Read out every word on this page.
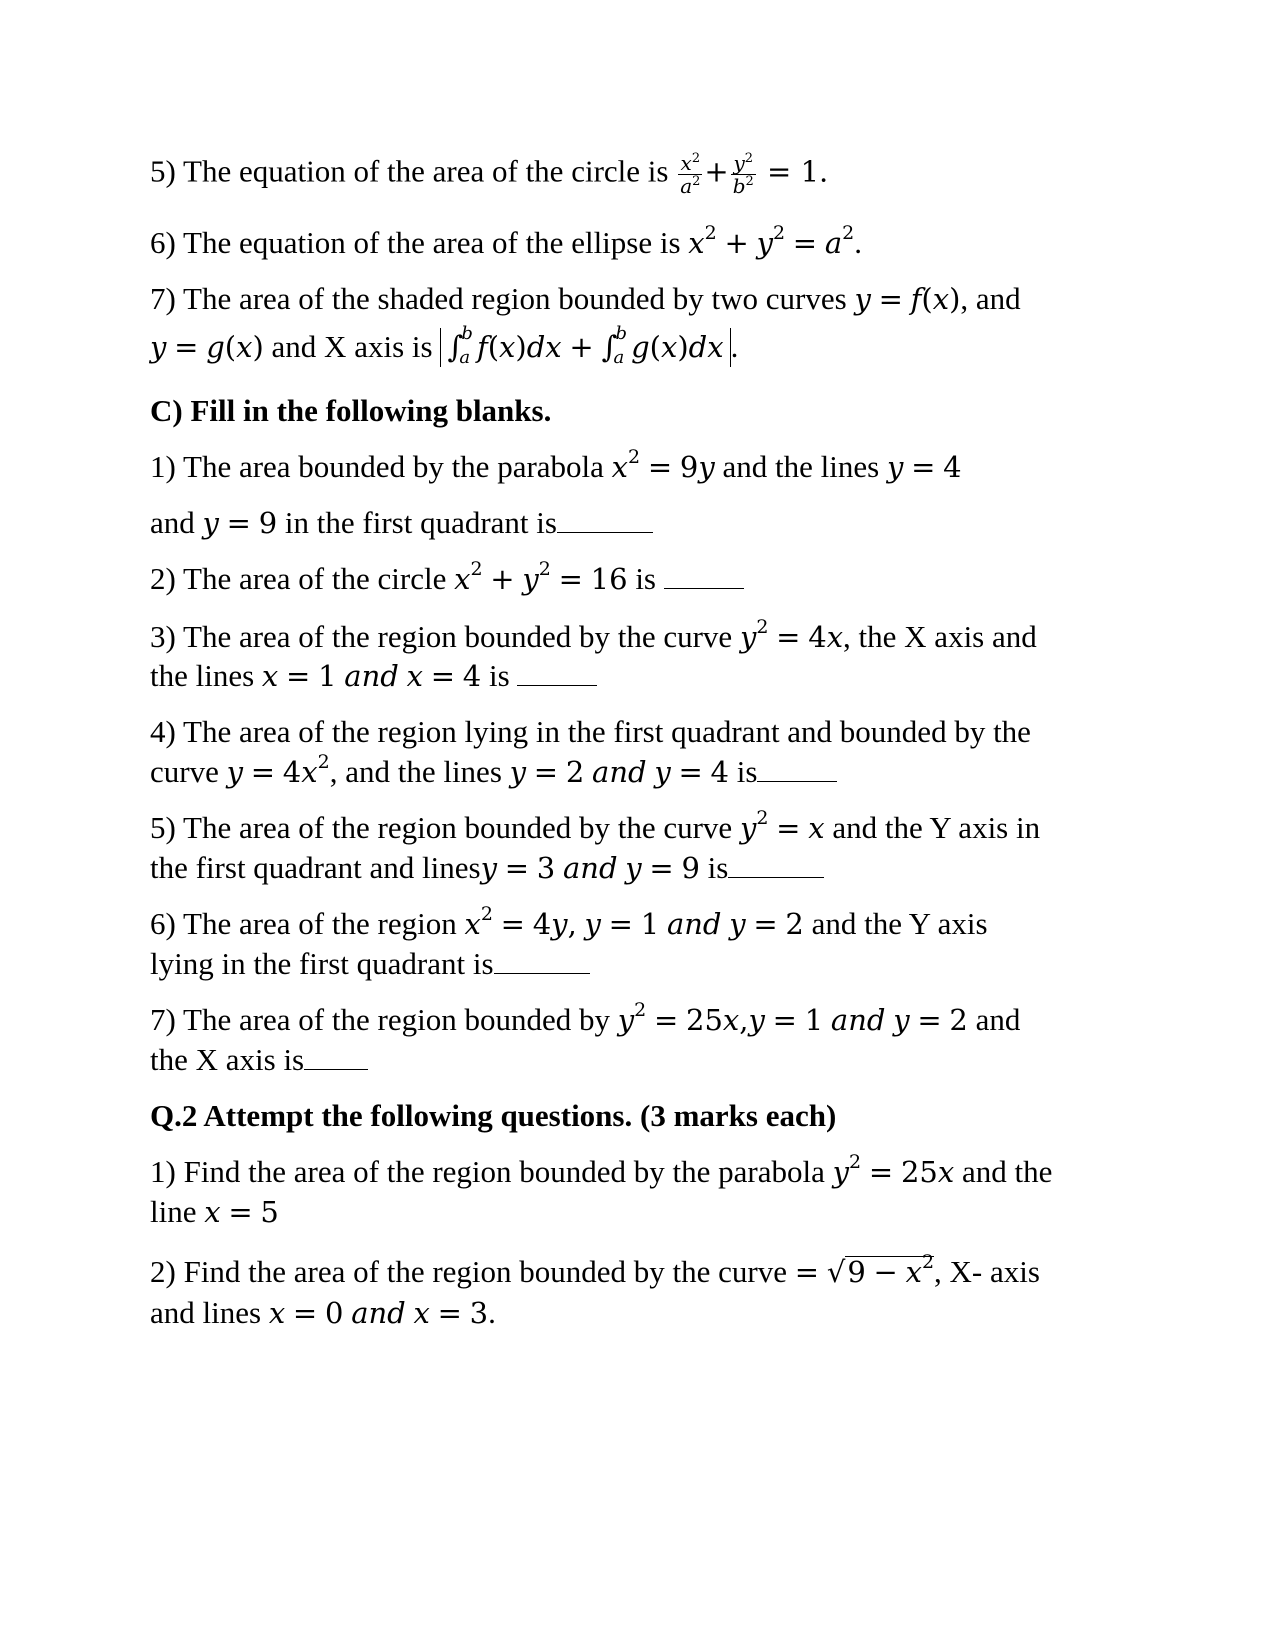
5) The equation of the area of the circle is $\frac{x^2}{a^2} + \frac{y^2}{b^2} = 1$.
6) The equation of the area of the ellipse is $x^2 + y^2 = a^2$.
7) The area of the shaded region bounded by two curves y = f(x), and
y = g(x) and X axis is ∫
b
a f(x)dx + ∫
b
a g(x)dx .
C) Fill in the following blanks.
1) The area bounded by the parabola $x^2 = 9y$ and the lines y = 4
and y = 9 in the first quadrant is
2) The area of the circle $x^2 + y^2 = 16$ is
3) The area of the region bounded by the curve $y^2 = 4x$, the X axis and
the lines x = 1 and x = 4 is
4) The area of the region lying in the first quadrant and bounded by the
curve $y = 4x^2$, and the lines y = 2 and y = 4 is
5) The area of the region bounded by the curve $y^2 = x$ and the Y axis in
the first quadrant and linesy = 3 and y = 9 is
6) The area of the region $x^2 = 4y$, y = 1 and y = 2 and the Y axis
lying in the first quadrant is
7) The area of the region bounded by $y^2 = 25x,y = 1$ and y = 2 and
the X axis is
Q.2 Attempt the following questions. (3 marks each)
1) Find the area of the region bounded by the parabola $y^2 = 25x$ and the
line x = 5
2) Find the area of the region bounded by the curve = $√9 - x^2$, X- axis
and lines x = 0 and x = 3.
